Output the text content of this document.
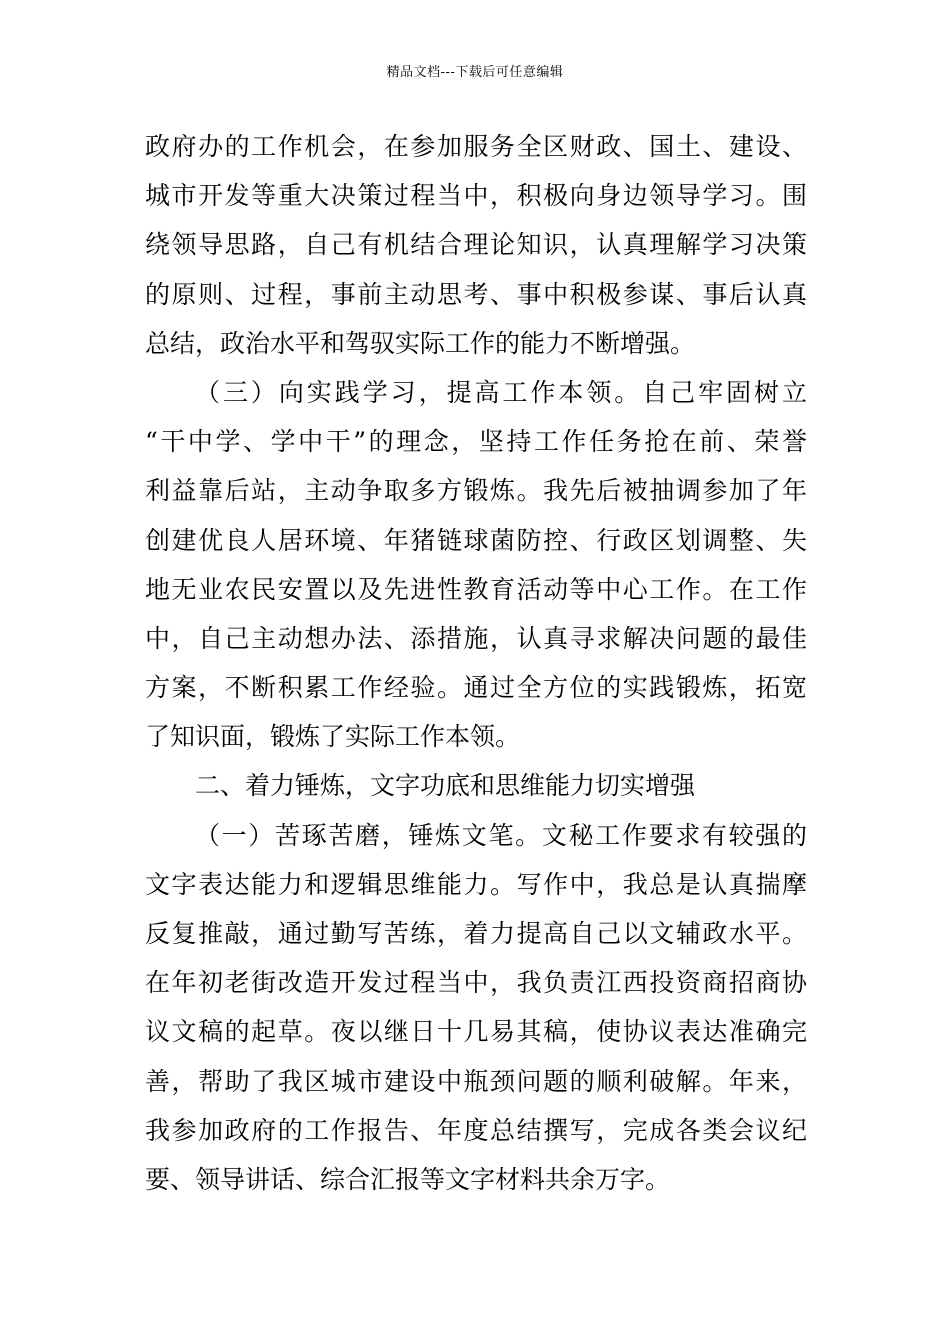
精品文档---下载后可任意编辑
政府办的工作机会，在参加服务全区财政、国土、建设、
城市开发等重大决策过程当中，积极向身边领导学习。围
绕领导思路，自己有机结合理论知识，认真理解学习决策
的原则、过程，事前主动思考、事中积极参谋、事后认真
总结，政治水平和驾驭实际工作的能力不断增强。
（三）向实践学习，提高工作本领。自己牢固树立
“干中学、学中干”的理念，坚持工作任务抢在前、荣誉
利益靠后站，主动争取多方锻炼。我先后被抽调参加了年
创建优良人居环境、年猪链球菌防控、行政区划调整、失
地无业农民安置以及先进性教育活动等中心工作。在工作
中，自己主动想办法、添措施，认真寻求解决问题的最佳
方案，不断积累工作经验。通过全方位的实践锻炼，拓宽
了知识面，锻炼了实际工作本领。
二、着力锤炼，文字功底和思维能力切实增强
（一）苦琢苦磨，锤炼文笔。文秘工作要求有较强的
文字表达能力和逻辑思维能力。写作中，我总是认真揣摩
反复推敲，通过勤写苦练，着力提高自己以文辅政水平。
在年初老街改造开发过程当中，我负责江西投资商招商协
议文稿的起草。夜以继日十几易其稿，使协议表达准确完
善，帮助了我区城市建设中瓶颈问题的顺利破解。年来，
我参加政府的工作报告、年度总结撰写，完成各类会议纪
要、领导讲话、综合汇报等文字材料共余万字。
